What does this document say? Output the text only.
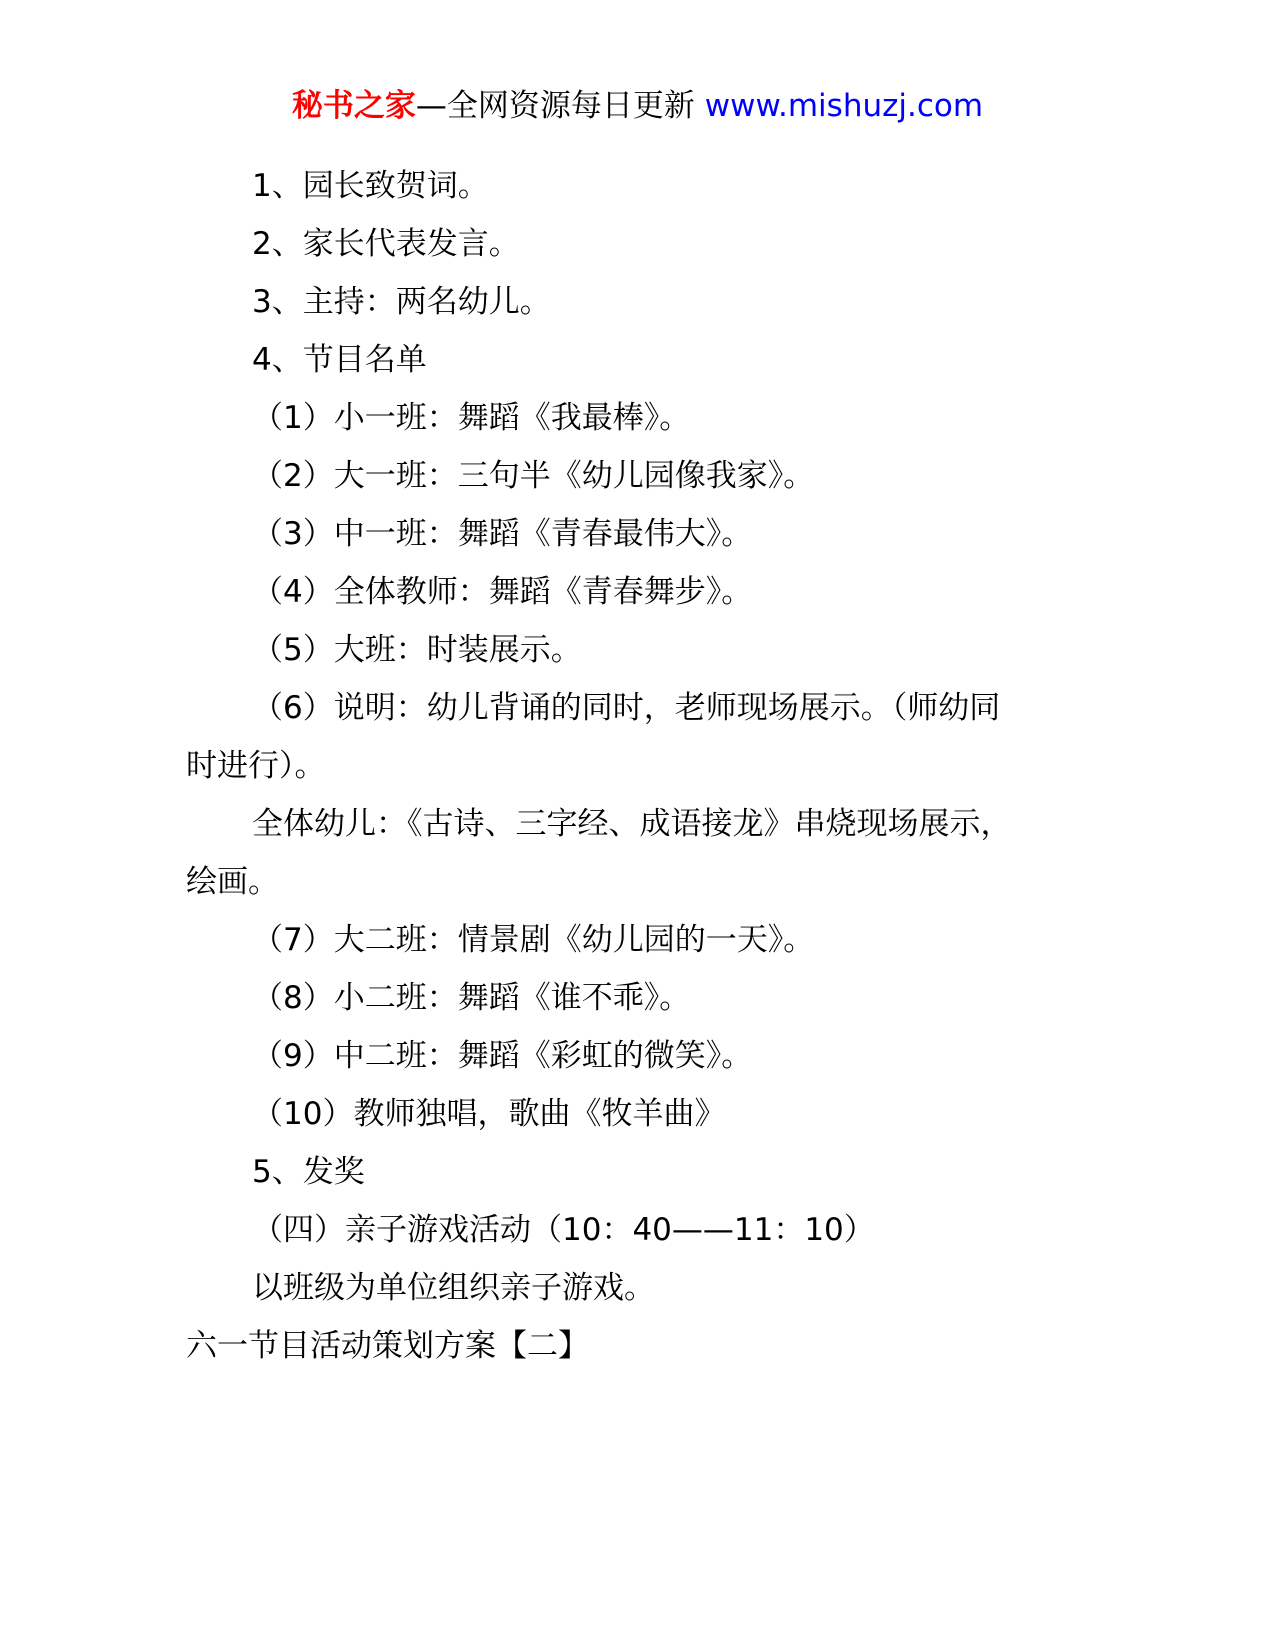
秘书之家—全网资源每日更新 www.mishuzj.com
1、园长致贺词。
2、家长代表发言。
3、主持：两名幼儿。
4、节目名单
（1）小一班：舞蹈《我最棒》。
（2）大一班：三句半《幼儿园像我家》。
（3）中一班：舞蹈《青春最伟大》。
（4）全体教师：舞蹈《青春舞步》。
（5）大班：时装展示。
（6）说明：幼儿背诵的同时，老师现场展示。（师幼同
时进行）。
全体幼儿：《古诗、三字经、成语接龙》串烧现场展示，
绘画。
（7）大二班：情景剧《幼儿园的一天》。
（8）小二班：舞蹈《谁不乖》。
（9）中二班：舞蹈《彩虹的微笑》。
（10）教师独唱，歌曲《牧羊曲》
5、发奖
（四）亲子游戏活动（10：40——11：10）
以班级为单位组织亲子游戏。
六一节目活动策划方案【二】
